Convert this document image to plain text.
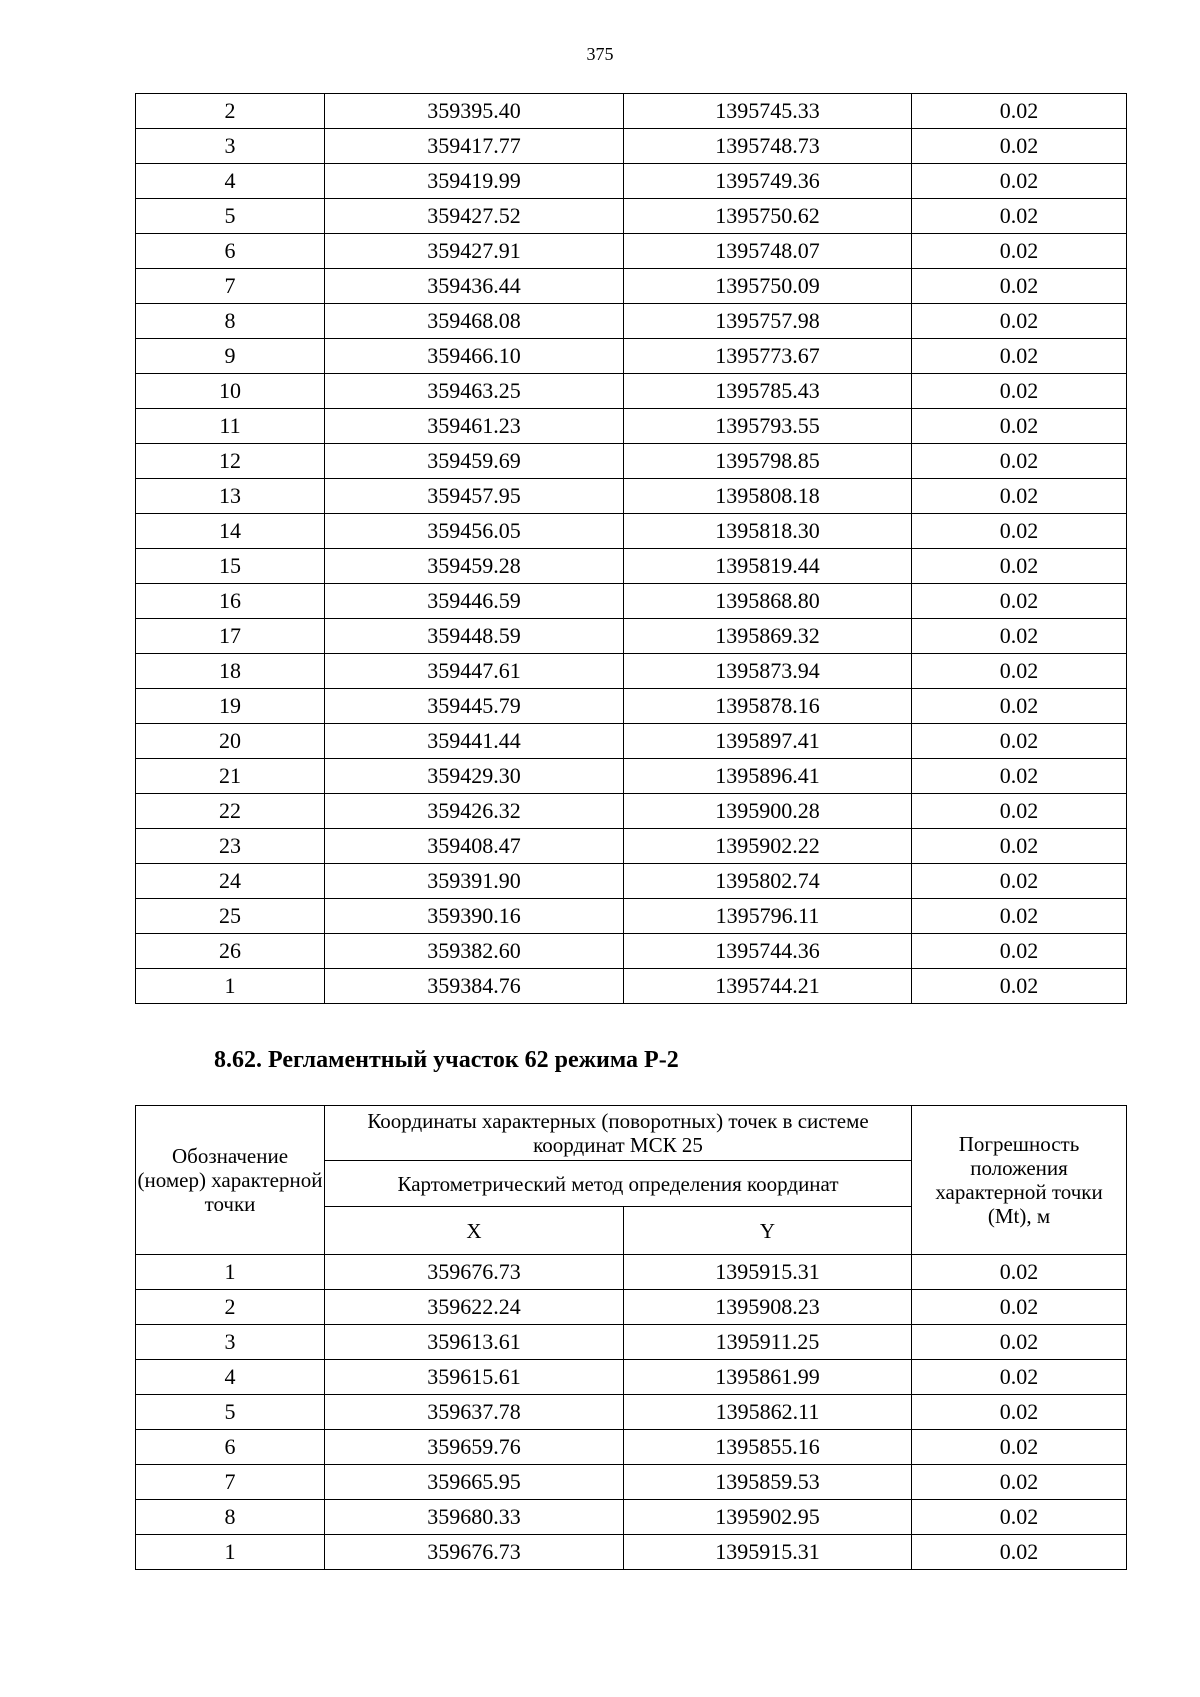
375
2	359395.40	1395745.33	0.02
3	359417.77	1395748.73	0.02
4	359419.99	1395749.36	0.02
5	359427.52	1395750.62	0.02
6	359427.91	1395748.07	0.02
7	359436.44	1395750.09	0.02
8	359468.08	1395757.98	0.02
9	359466.10	1395773.67	0.02
10	359463.25	1395785.43	0.02
11	359461.23	1395793.55	0.02
12	359459.69	1395798.85	0.02
13	359457.95	1395808.18	0.02
14	359456.05	1395818.30	0.02
15	359459.28	1395819.44	0.02
16	359446.59	1395868.80	0.02
17	359448.59	1395869.32	0.02
18	359447.61	1395873.94	0.02
19	359445.79	1395878.16	0.02
20	359441.44	1395897.41	0.02
21	359429.30	1395896.41	0.02
22	359426.32	1395900.28	0.02
23	359408.47	1395902.22	0.02
24	359391.90	1395802.74	0.02
25	359390.16	1395796.11	0.02
26	359382.60	1395744.36	0.02
1	359384.76	1395744.21	0.02
8.62. Регламентный участок 62 режима Р-2
Обозначение (номер) характерной точки	Координаты характерных (поворотных) точек в системе координат МСК 25		Погрешность положения характерной точки (Mt), м
	Картометрический метод определения координат		
	X	Y	
1	359676.73	1395915.31	0.02
2	359622.24	1395908.23	0.02
3	359613.61	1395911.25	0.02
4	359615.61	1395861.99	0.02
5	359637.78	1395862.11	0.02
6	359659.76	1395855.16	0.02
7	359665.95	1395859.53	0.02
8	359680.33	1395902.95	0.02
1	359676.73	1395915.31	0.02
